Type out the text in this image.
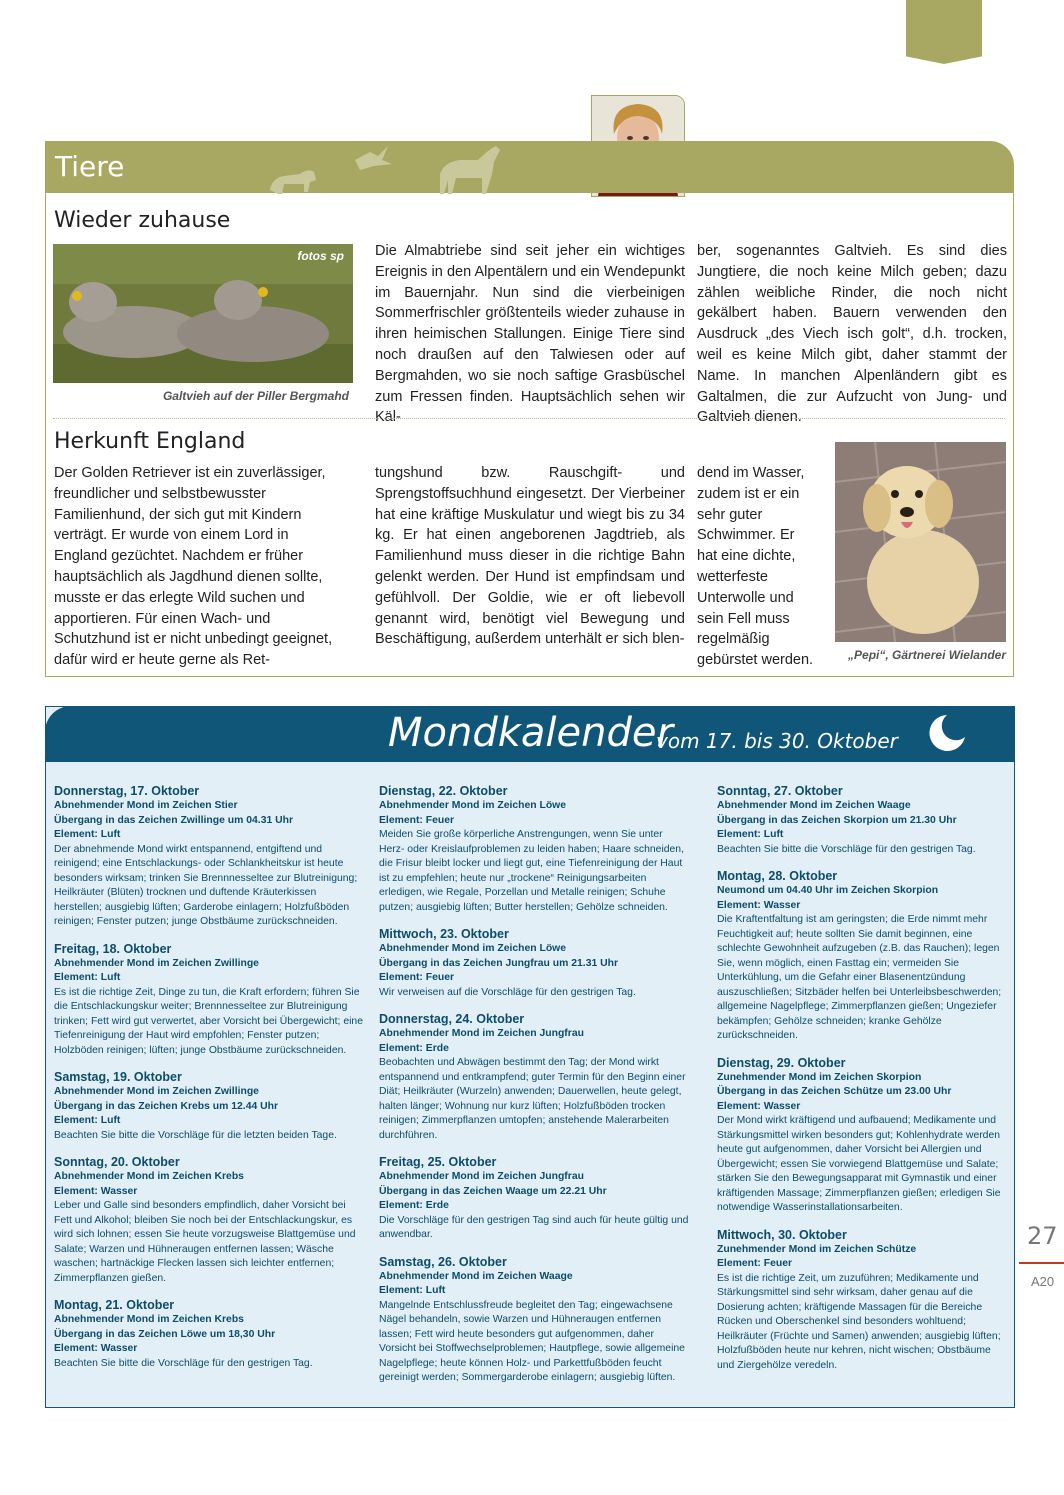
Tiere
Wieder zuhause
fotos sp
Galtvieh auf der Piller Bergmahd

Die Almabtriebe sind seit jeher ein wichtiges Ereignis in den Alpentälern und ein Wendepunkt im Bauernjahr. Nun sind die vierbeinigen Sommerfrischler größtenteils wieder zuhause in ihren heimischen Stallungen. Einige Tiere sind noch draußen auf den Talwiesen oder auf Bergmahden, wo sie noch saftige Grasbüschel zum Fressen finden. Hauptsächlich sehen wir Käl-

ber, sogenanntes Galtvieh. Es sind dies Jungtiere, die noch keine Milch geben; dazu zählen weibliche Rinder, die noch nicht gekälbert haben. Bauern verwenden den Ausdruck „des Viech isch golt“, d.h. trocken, weil es keine Milch gibt, daher stammt der Name. In manchen Alpenländern gibt es Galtalmen, die zur Aufzucht von Jung- und Galtvieh dienen.

Herkunft England

Der Golden Retriever ist ein zuverlässiger, freundlicher und selbstbewusster Familienhund, der sich gut mit Kindern verträgt. Er wurde von einem Lord in England gezüchtet. Nachdem er früher hauptsächlich als Jagdhund dienen sollte, musste er das erlegte Wild suchen und apportieren. Für einen Wach- und Schutzhund ist er nicht unbedingt geeignet, dafür wird er heute gerne als Ret-

tungshund bzw. Rauschgift- und Sprengstoffsuchhund eingesetzt. Der Vierbeiner hat eine kräftige Muskulatur und wiegt bis zu 34 kg. Er hat einen angeborenen Jagdtrieb, als Familienhund muss dieser in die richtige Bahn gelenkt werden. Der Hund ist empfindsam und gefühlvoll. Der Goldie, wie er oft liebevoll genannt wird, benötigt viel Bewegung und Beschäftigung, außerdem unterhält er sich blen-

dend im Wasser, zudem ist er ein sehr guter Schwimmer. Er hat eine dichte, wetterfeste Unterwolle und sein Fell muss regelmäßig gebürstet werden.	„Pepi“, Gärtnerei Wielander
Mondkalender
vom 17. bis 30. Oktober
Donnerstag, 17. Oktober
Abnehmender Mond im Zeichen Stier
Übergang in das Zeichen Zwillinge um 04.31 Uhr
Element: Luft
Der abnehmende Mond wirkt entspannend, entgiftend und reinigend; eine Entschlackungs- oder Schlankheitskur ist heute besonders wirksam; trinken Sie Brennnesseltee zur Blutreinigung; Heilkräuter (Blüten) trocknen und duftende Kräuterkissen herstellen; ausgiebig lüften; Garderobe einlagern; Holzfußböden reinigen; Fenster putzen; junge Obstbäume zurückschneiden.
Freitag, 18. Oktober
Abnehmender Mond im Zeichen Zwillinge
Element: Luft
Es ist die richtige Zeit, Dinge zu tun, die Kraft erfordern; führen Sie die Entschlackungskur weiter; Brennnesseltee zur Blutreinigung trinken; Fett wird gut verwertet, aber Vorsicht bei Übergewicht; eine Tiefenreinigung der Haut wird empfohlen; Fenster putzen; Holzböden reinigen; lüften; junge Obstbäume zurückschneiden.
Samstag, 19. Oktober
Abnehmender Mond im Zeichen Zwillinge
Übergang in das Zeichen Krebs um 12.44 Uhr
Element: Luft
Beachten Sie bitte die Vorschläge für die letzten beiden Tage.
Sonntag, 20. Oktober
Abnehmender Mond im Zeichen Krebs
Element: Wasser
Leber und Galle sind besonders empfindlich, daher Vorsicht bei Fett und Alkohol; bleiben Sie noch bei der Entschlackungskur, es wird sich lohnen; essen Sie heute vorzugsweise Blattgemüse und Salate; Warzen und Hühneraugen entfernen lassen; Wäsche waschen; hartnäckige Flecken lassen sich leichter entfernen; Zimmerpflanzen gießen.
Montag, 21. Oktober
Abnehmender Mond im Zeichen Krebs
Übergang in das Zeichen Löwe um 18,30 Uhr
Element: Wasser
Beachten Sie bitte die Vorschläge für den gestrigen Tag.
Dienstag, 22. Oktober
Abnehmender Mond im Zeichen Löwe
Element: Feuer
Meiden Sie große körperliche Anstrengungen, wenn Sie unter Herz- oder Kreislaufproblemen zu leiden haben; Haare schneiden, die Frisur bleibt locker und liegt gut, eine Tiefenreinigung der Haut ist zu empfehlen; heute nur „trockene“ Reinigungsarbeiten erledigen, wie Regale, Porzellan und Metalle reinigen; Schuhe putzen; ausgiebig lüften; Butter herstellen; Gehölze schneiden.
Mittwoch, 23. Oktober
Abnehmender Mond im Zeichen Löwe
Übergang in das Zeichen Jungfrau um 21.31 Uhr
Element: Feuer
Wir verweisen auf die Vorschläge für den gestrigen Tag.
Donnerstag, 24. Oktober
Abnehmender Mond im Zeichen Jungfrau
Element: Erde
Beobachten und Abwägen bestimmt den Tag; der Mond wirkt entspannend und entkrampfend; guter Termin für den Beginn einer Diät; Heilkräuter (Wurzeln) anwenden; Dauerwellen, heute gelegt, halten länger; Wohnung nur kurz lüften; Holzfußböden trocken reinigen; Zimmerpflanzen umtopfen; anstehende Malerarbeiten durchführen.
Freitag, 25. Oktober
Abnehmender Mond im Zeichen Jungfrau
Übergang in das Zeichen Waage um 22.21 Uhr
Element: Erde
Die Vorschläge für den gestrigen Tag sind auch für heute gültig und anwendbar.
Samstag, 26. Oktober
Abnehmender Mond im Zeichen Waage
Element: Luft
Mangelnde Entschlussfreude begleitet den Tag; eingewachsene Nägel behandeln, sowie Warzen und Hühneraugen entfernen lassen; Fett wird heute besonders gut aufgenommen, daher Vorsicht bei Stoffwechselproblemen; Hautpflege, sowie allgemeine Nagelpflege; heute können Holz- und Parkettfußböden feucht gereinigt werden; Sommergarderobe einlagern; ausgiebig lüften.
Sonntag, 27. Oktober
Abnehmender Mond im Zeichen Waage
Übergang in das Zeichen Skorpion um 21.30 Uhr
Element: Luft
Beachten Sie bitte die Vorschläge für den gestrigen Tag.
Montag, 28. Oktober
Neumond um 04.40 Uhr im Zeichen Skorpion
Element: Wasser
Die Kraftentfaltung ist am geringsten; die Erde nimmt mehr Feuchtigkeit auf; heute sollten Sie damit beginnen, eine schlechte Gewohnheit aufzugeben (z.B. das Rauchen); legen Sie, wenn möglich, einen Fasttag ein; vermeiden Sie Unterkühlung, um die Gefahr einer Blasenentzündung auszuschließen; Sitzbäder helfen bei Unterleibsbeschwerden; allgemeine Nagelpflege; Zimmerpflanzen gießen; Ungeziefer bekämpfen; Gehölze schneiden; kranke Gehölze zurückschneiden.
Dienstag, 29. Oktober
Zunehmender Mond im Zeichen Skorpion
Übergang in das Zeichen Schütze um 23.00 Uhr
Element: Wasser
Der Mond wirkt kräftigend und aufbauend; Medikamente und Stärkungsmittel wirken besonders gut; Kohlenhydrate werden heute gut aufgenommen, daher Vorsicht bei Allergien und Übergewicht; essen Sie vorwiegend Blattgemüse und Salate; stärken Sie den Bewegungsapparat mit Gymnastik und einer kräftigenden Massage; Zimmerpflanzen gießen; erledigen Sie notwendige Wasserinstallationsarbeiten.
Mittwoch, 30. Oktober
Zunehmender Mond im Zeichen Schütze
Element: Feuer
Es ist die richtige Zeit, um zuzuführen; Medikamente und Stärkungsmittel sind sehr wirksam, daher genau auf die Dosierung achten; kräftigende Massagen für die Bereiche Rücken und Oberschenkel sind besonders wohltuend; Heilkräuter (Früchte und Samen) anwenden; ausgiebig lüften; Holzfußböden heute nur kehren, nicht wischen; Obstbäume und Ziergehölze veredeln.
27
A20
